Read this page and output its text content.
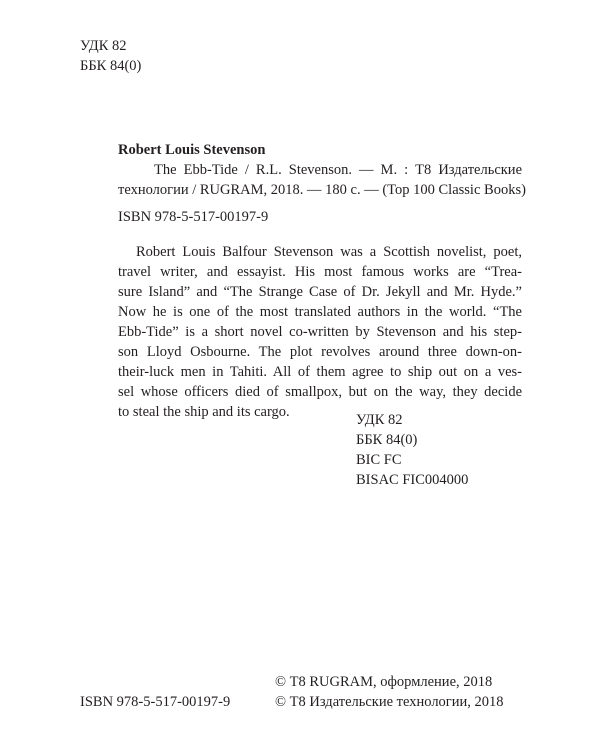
УДК 82
ББК 84(0)
Robert Louis Stevenson
The Ebb-Tide / R.L. Stevenson. — М. : Т8 Издательские
технологии / RUGRAM, 2018. — 180 с. — (Top 100 Classic Books)
ISBN 978-5-517-00197-9
Robert Louis Balfour Stevenson was a Scottish novelist, poet,
travel writer, and essayist. His most famous works are “Trea-
sure Island” and “The Strange Case of Dr. Jekyll and Mr. Hyde.”
Now he is one of the most translated authors in the world. “The
Ebb-Tide” is a short novel co-written by Stevenson and his step-
son Lloyd Osbourne. The plot revolves around three down-on-
their-luck men in Tahiti. All of them agree to ship out on a ves-
sel whose officers died of smallpox, but on the way, they decide
to steal the ship and its cargo.	УДК 82
ББК 84(0)
BIC FC
BISAC FIC004000
ISBN 978-5-517-00197-9
© Т8 RUGRAM, оформление, 2018
© Т8 Издательские технологии, 2018
